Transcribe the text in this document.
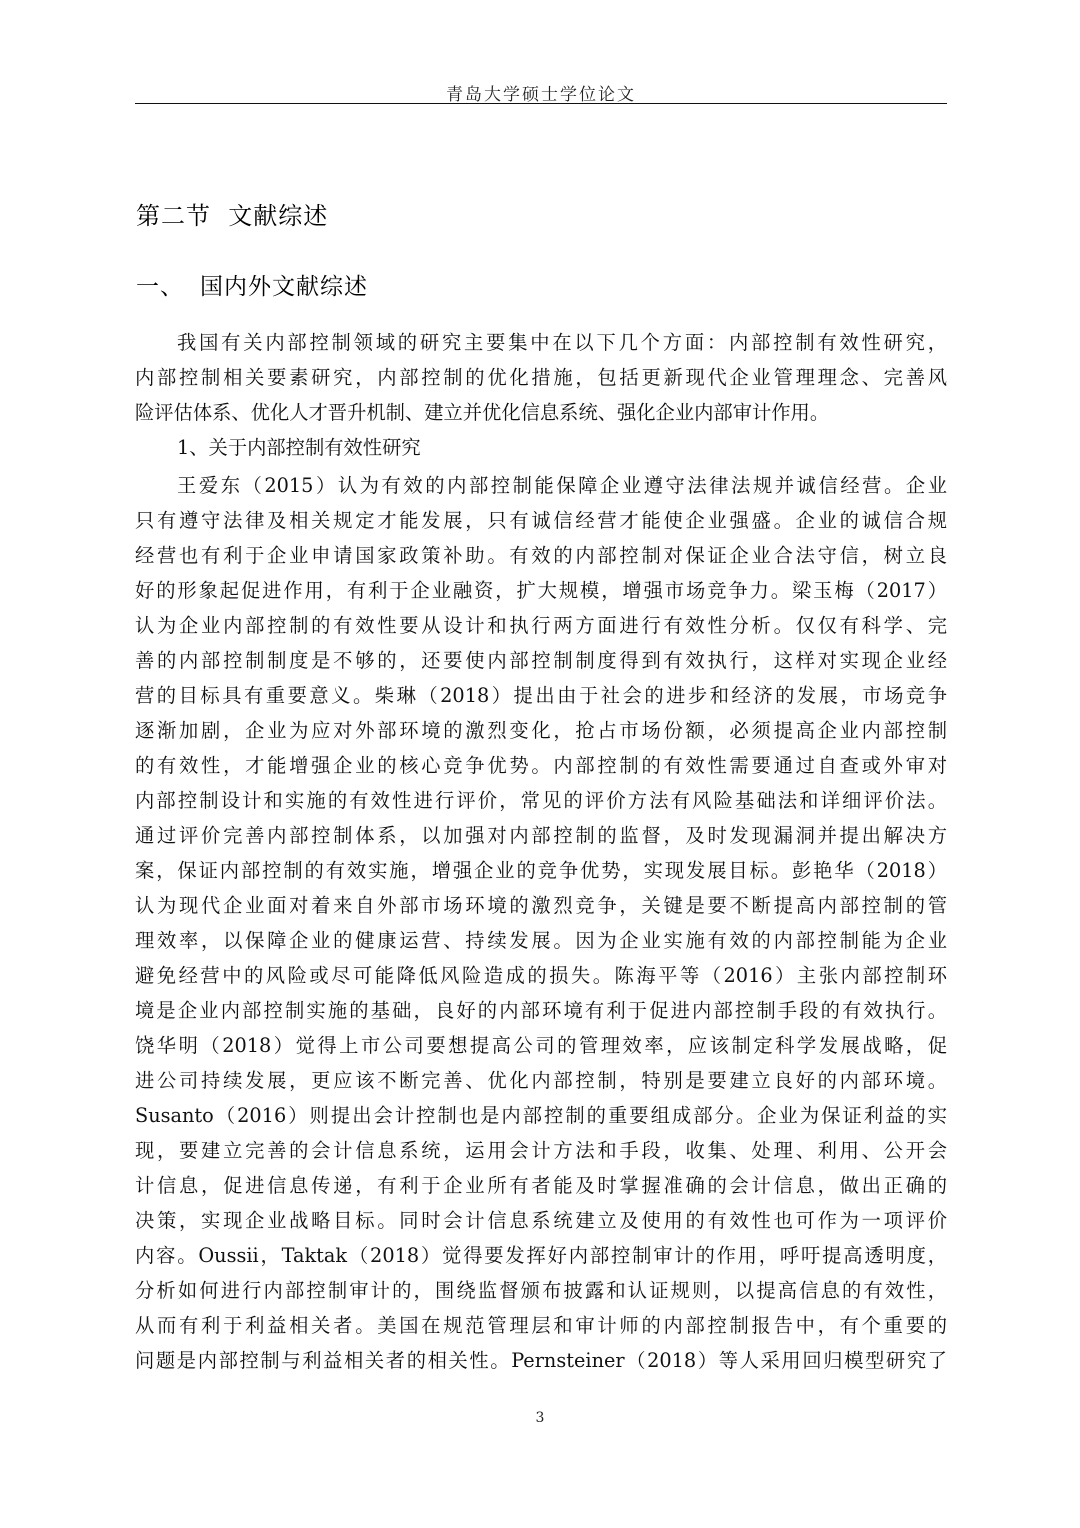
青岛大学硕士学位论文
第二节  文献综述
一、 国内外文献综述
我国有关内部控制领域的研究主要集中在以下几个方面：内部控制有效性研究，
内部控制相关要素研究，内部控制的优化措施，包括更新现代企业管理理念、完善风
险评估体系、优化人才晋升机制、建立并优化信息系统、强化企业内部审计作用。
1、关于内部控制有效性研究
王爱东（2015）认为有效的内部控制能保障企业遵守法律法规并诚信经营。企业
只有遵守法律及相关规定才能发展，只有诚信经营才能使企业强盛。企业的诚信合规
经营也有利于企业申请国家政策补助。有效的内部控制对保证企业合法守信，树立良
好的形象起促进作用，有利于企业融资，扩大规模，增强市场竞争力。梁玉梅（2017）
认为企业内部控制的有效性要从设计和执行两方面进行有效性分析。仅仅有科学、完
善的内部控制制度是不够的，还要使内部控制制度得到有效执行，这样对实现企业经
营的目标具有重要意义。柴琳（2018）提出由于社会的进步和经济的发展，市场竞争
逐渐加剧，企业为应对外部环境的激烈变化，抢占市场份额，必须提高企业内部控制
的有效性，才能增强企业的核心竞争优势。内部控制的有效性需要通过自查或外审对
内部控制设计和实施的有效性进行评价，常见的评价方法有风险基础法和详细评价法。
通过评价完善内部控制体系，以加强对内部控制的监督，及时发现漏洞并提出解决方
案，保证内部控制的有效实施，增强企业的竞争优势，实现发展目标。彭艳华（2018）
认为现代企业面对着来自外部市场环境的激烈竞争，关键是要不断提高内部控制的管
理效率，以保障企业的健康运营、持续发展。因为企业实施有效的内部控制能为企业
避免经营中的风险或尽可能降低风险造成的损失。陈海平等（2016）主张内部控制环
境是企业内部控制实施的基础，良好的内部环境有利于促进内部控制手段的有效执行。
饶华明（2018）觉得上市公司要想提高公司的管理效率，应该制定科学发展战略，促
进公司持续发展，更应该不断完善、优化内部控制，特别是要建立良好的内部环境。
Susanto（2016）则提出会计控制也是内部控制的重要组成部分。企业为保证利益的实
现，要建立完善的会计信息系统，运用会计方法和手段，收集、处理、利用、公开会
计信息，促进信息传递，有利于企业所有者能及时掌握准确的会计信息，做出正确的
决策，实现企业战略目标。同时会计信息系统建立及使用的有效性也可作为一项评价
内容。Oussii，Taktak（2018）觉得要发挥好内部控制审计的作用，呼吁提高透明度，
分析如何进行内部控制审计的，围绕监督颁布披露和认证规则，以提高信息的有效性，
从而有利于利益相关者。美国在规范管理层和审计师的内部控制报告中，有个重要的
问题是内部控制与利益相关者的相关性。Pernsteiner（2018）等人采用回归模型研究了
3
